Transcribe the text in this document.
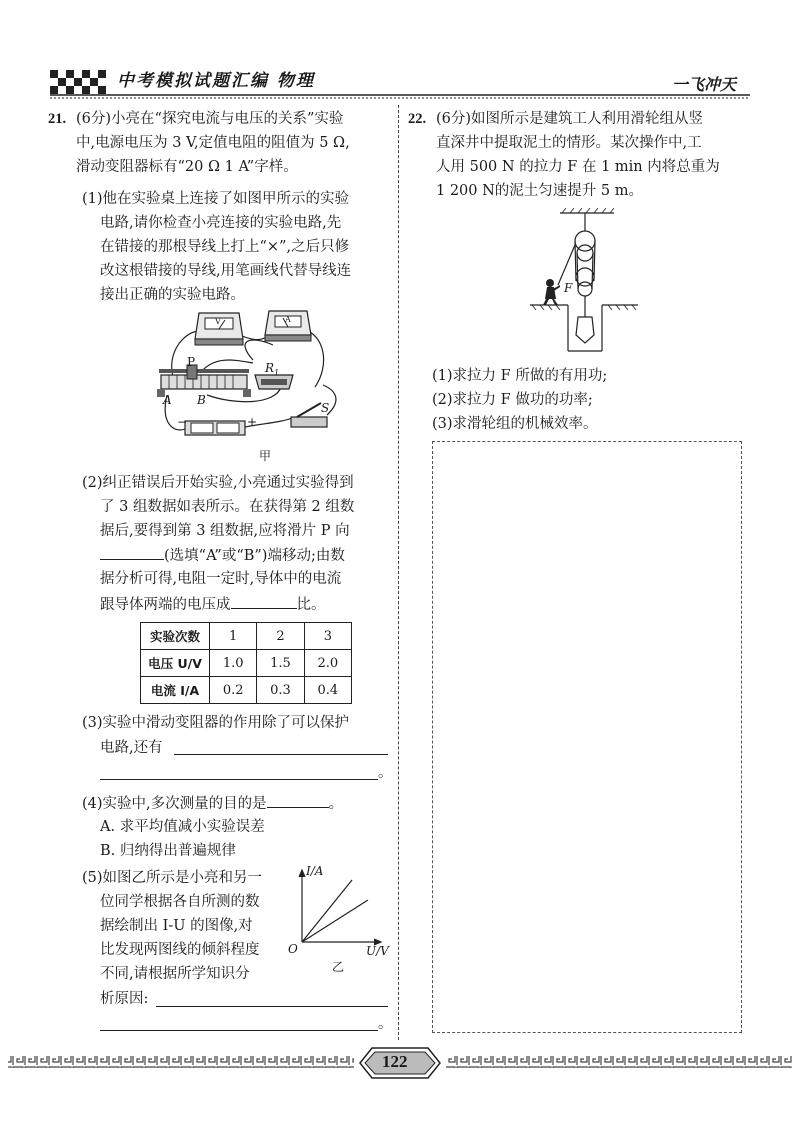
中考模拟试题汇编 物理	一飞冲天
21. (6分)小亮在“探究电流与电压的关系”实验
中,电源电压为 3 V,定值电阻的阻值为 5 Ω,
滑动变阻器标有“20 Ω 1 A”字样。
(1)他在实验桌上连接了如图甲所示的实验
电路,请你检查小亮连接的实验电路,先
在错接的那根导线上打上“×”,之后只修
改这根错接的导线,用笔画线代替导线连
接出正确的实验电路。
V	A
P
A B
$R_1$
S
−	+
甲
(2)纠正错误后开始实验,小亮通过实验得到
了 3 组数据如表所示。在获得第 2 组数
据后,要得到第 3 组数据,应将滑片 P 向
(选填“A”或“B”)端移动;由数
据分析可得,电阻一定时,导体中的电流
跟导体两端的电压成	比。
实验次数	1	2	3
电压 U/V	1.0	1.5	2.0
电流 I/A	0.2	0.3	0.4
(3)实验中滑动变阻器的作用除了可以保护
电路,还有
。
(4)实验中,多次测量的目的是	。
A. 求平均值减小实验误差
B. 归纳得出普遍规律
(5)如图乙所示是小亮和另一
位同学根据各自所测的数
据绘制出 I-U 的图像,对
比发现两图线的倾斜程度
不同,请根据所学知识分
析原因:
。
I/A
U/V
O
乙
22. (6分)如图所示是建筑工人利用滑轮组从竖
直深井中提取泥土的情形。某次操作中,工
人用 500 N 的拉力 F 在 1 min 内将总重为
1 200 N的泥土匀速提升 5 m。
F
(1)求拉力 F 所做的有用功;
(2)求拉力 F 做功的功率;
(3)求滑轮组的机械效率。
122
